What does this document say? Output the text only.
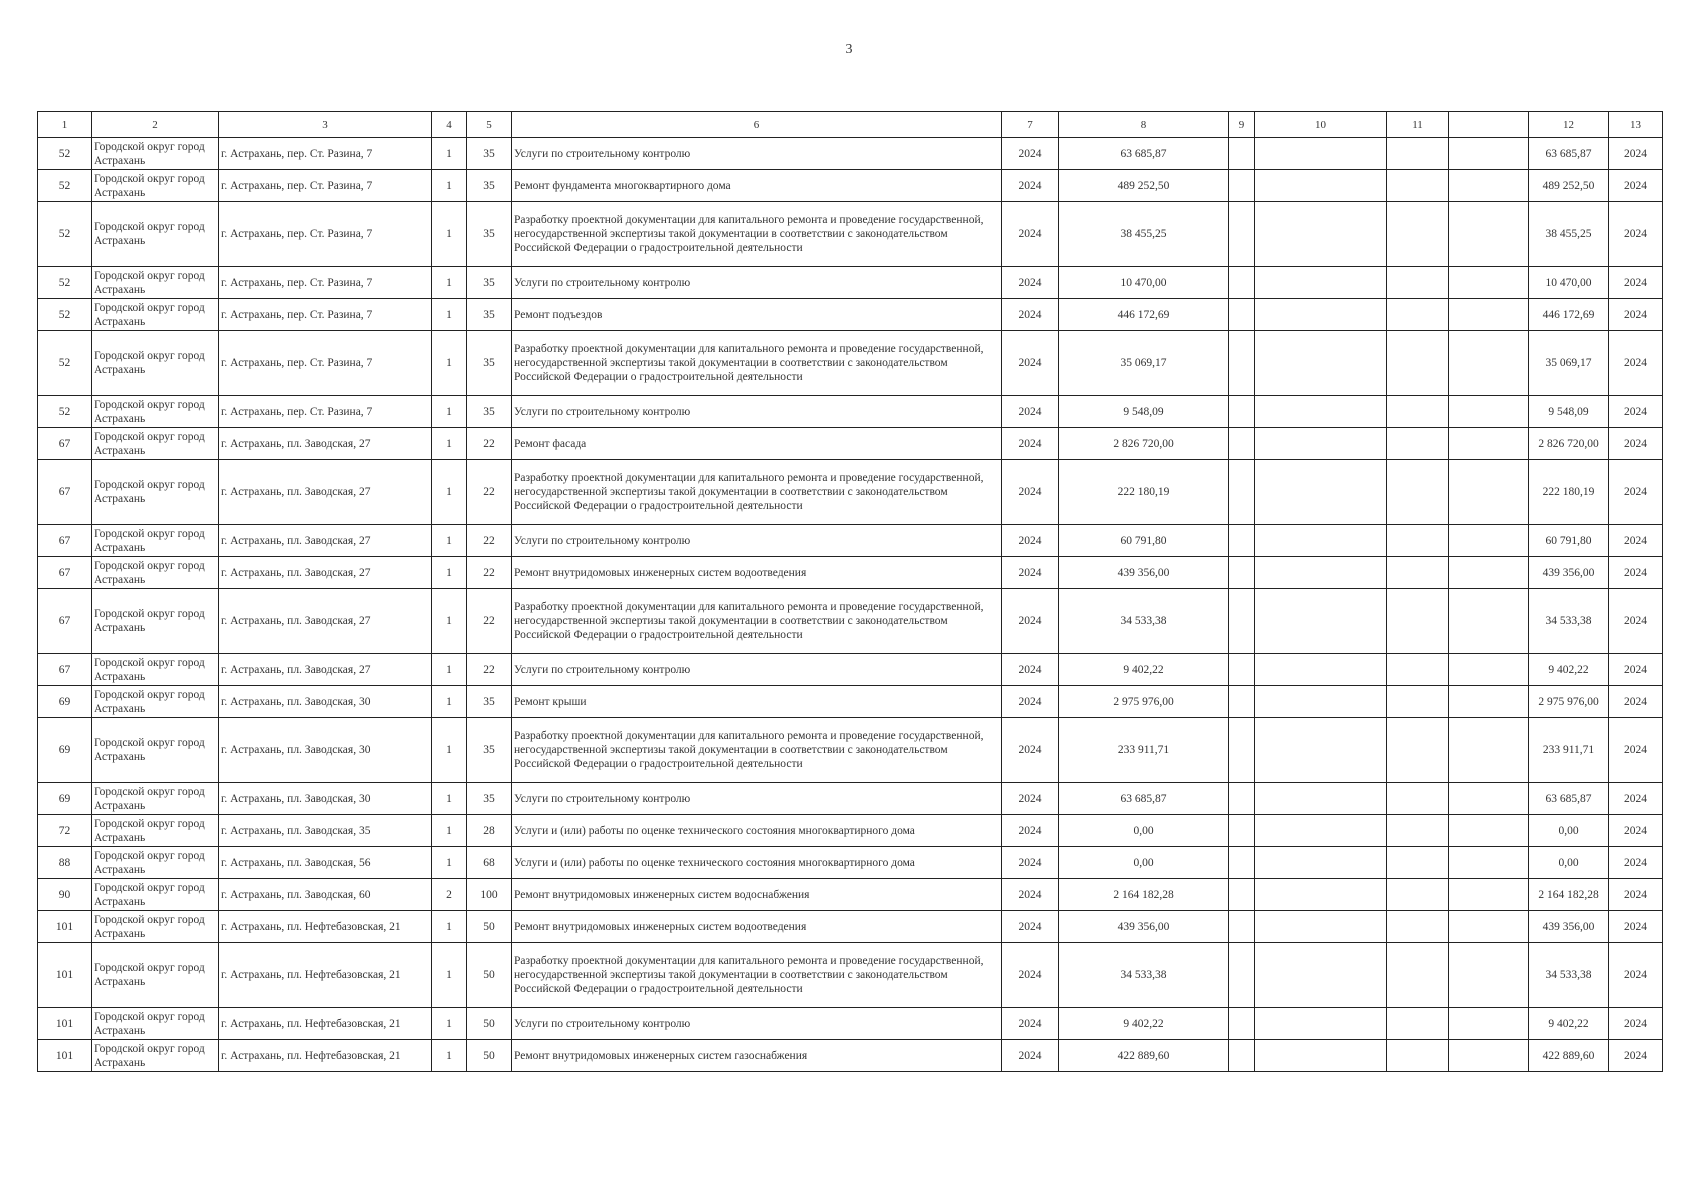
3
1	2	3	4	5	6	7	8	9	10	11		12	13
52	Городской округ город Астрахань	г. Астрахань, пер. Ст. Разина, 7	1	35	Услуги по строительному контролю	2024	63 685,87					63 685,87	2024
52	Городской округ город Астрахань	г. Астрахань, пер. Ст. Разина, 7	1	35	Ремонт фундамента многоквартирного дома	2024	489 252,50					489 252,50	2024
52	Городской округ город Астрахань	г. Астрахань, пер. Ст. Разина, 7	1	35	Разработку проектной документации для капитального ремонта и проведение государственной, негосударственной экспертизы такой документации в соответствии с законодательством Российской Федерации о градостроительной деятельности	2024	38 455,25					38 455,25	2024
52	Городской округ город Астрахань	г. Астрахань, пер. Ст. Разина, 7	1	35	Услуги по строительному контролю	2024	10 470,00					10 470,00	2024
52	Городской округ город Астрахань	г. Астрахань, пер. Ст. Разина, 7	1	35	Ремонт подъездов	2024	446 172,69					446 172,69	2024
52	Городской округ город Астрахань	г. Астрахань, пер. Ст. Разина, 7	1	35	Разработку проектной документации для капитального ремонта и проведение государственной, негосударственной экспертизы такой документации в соответствии с законодательством Российской Федерации о градостроительной деятельности	2024	35 069,17					35 069,17	2024
52	Городской округ город Астрахань	г. Астрахань, пер. Ст. Разина, 7	1	35	Услуги по строительному контролю	2024	9 548,09					9 548,09	2024
67	Городской округ город Астрахань	г. Астрахань, пл. Заводская, 27	1	22	Ремонт фасада	2024	2 826 720,00					2 826 720,00	2024
67	Городской округ город Астрахань	г. Астрахань, пл. Заводская, 27	1	22	Разработку проектной документации для капитального ремонта и проведение государственной, негосударственной экспертизы такой документации в соответствии с законодательством Российской Федерации о градостроительной деятельности	2024	222 180,19					222 180,19	2024
67	Городской округ город Астрахань	г. Астрахань, пл. Заводская, 27	1	22	Услуги по строительному контролю	2024	60 791,80					60 791,80	2024
67	Городской округ город Астрахань	г. Астрахань, пл. Заводская, 27	1	22	Ремонт внутридомовых инженерных систем водоотведения	2024	439 356,00					439 356,00	2024
67	Городской округ город Астрахань	г. Астрахань, пл. Заводская, 27	1	22	Разработку проектной документации для капитального ремонта и проведение государственной, негосударственной экспертизы такой документации в соответствии с законодательством Российской Федерации о градостроительной деятельности	2024	34 533,38					34 533,38	2024
67	Городской округ город Астрахань	г. Астрахань, пл. Заводская, 27	1	22	Услуги по строительному контролю	2024	9 402,22					9 402,22	2024
69	Городской округ город Астрахань	г. Астрахань, пл. Заводская, 30	1	35	Ремонт крыши	2024	2 975 976,00					2 975 976,00	2024
69	Городской округ город Астрахань	г. Астрахань, пл. Заводская, 30	1	35	Разработку проектной документации для капитального ремонта и проведение государственной, негосударственной экспертизы такой документации в соответствии с законодательством Российской Федерации о градостроительной деятельности	2024	233 911,71					233 911,71	2024
69	Городской округ город Астрахань	г. Астрахань, пл. Заводская, 30	1	35	Услуги по строительному контролю	2024	63 685,87					63 685,87	2024
72	Городской округ город Астрахань	г. Астрахань, пл. Заводская, 35	1	28	Услуги и (или) работы по оценке технического состояния многоквартирного дома	2024	0,00					0,00	2024
88	Городской округ город Астрахань	г. Астрахань, пл. Заводская, 56	1	68	Услуги и (или) работы по оценке технического состояния многоквартирного дома	2024	0,00					0,00	2024
90	Городской округ город Астрахань	г. Астрахань, пл. Заводская, 60	2	100	Ремонт внутридомовых инженерных систем водоснабжения	2024	2 164 182,28					2 164 182,28	2024
101	Городской округ город Астрахань	г. Астрахань, пл. Нефтебазовская, 21	1	50	Ремонт внутридомовых инженерных систем водоотведения	2024	439 356,00					439 356,00	2024
101	Городской округ город Астрахань	г. Астрахань, пл. Нефтебазовская, 21	1	50	Разработку проектной документации для капитального ремонта и проведение государственной, негосударственной экспертизы такой документации в соответствии с законодательством Российской Федерации о градостроительной деятельности	2024	34 533,38					34 533,38	2024
101	Городской округ город Астрахань	г. Астрахань, пл. Нефтебазовская, 21	1	50	Услуги по строительному контролю	2024	9 402,22					9 402,22	2024
101	Городской округ город Астрахань	г. Астрахань, пл. Нефтебазовская, 21	1	50	Ремонт внутридомовых инженерных систем газоснабжения	2024	422 889,60					422 889,60	2024
